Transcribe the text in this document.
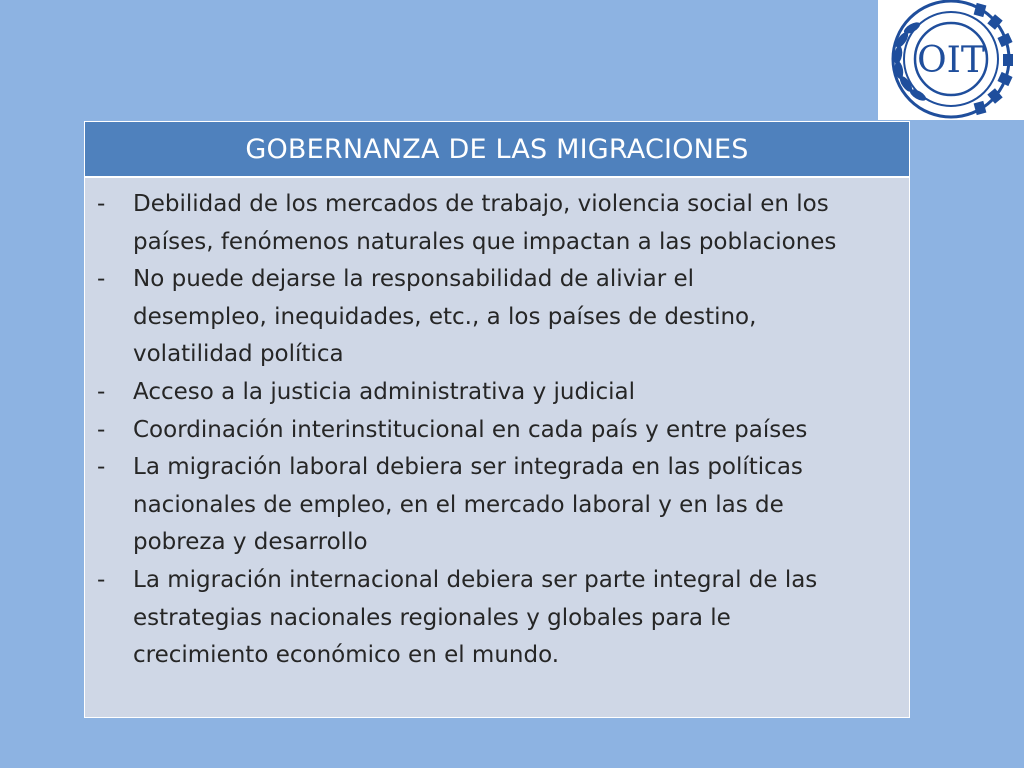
OIT
GOBERNANZA DE LAS MIGRACIONES
-	Debilidad de los mercados de trabajo, violencia social en los
países, fenómenos naturales que impactan a las poblaciones
-	No puede dejarse la responsabilidad de aliviar el
desempleo, inequidades, etc., a los países de destino,
volatilidad política
-	Acceso a la justicia administrativa y judicial
-	Coordinación interinstitucional en cada país y entre países
-	La migración laboral debiera ser integrada en las políticas
nacionales de empleo, en el mercado laboral y en las de
pobreza y desarrollo
-	La migración internacional debiera ser parte integral de las
estrategias nacionales regionales y globales para le
crecimiento económico en el mundo.
